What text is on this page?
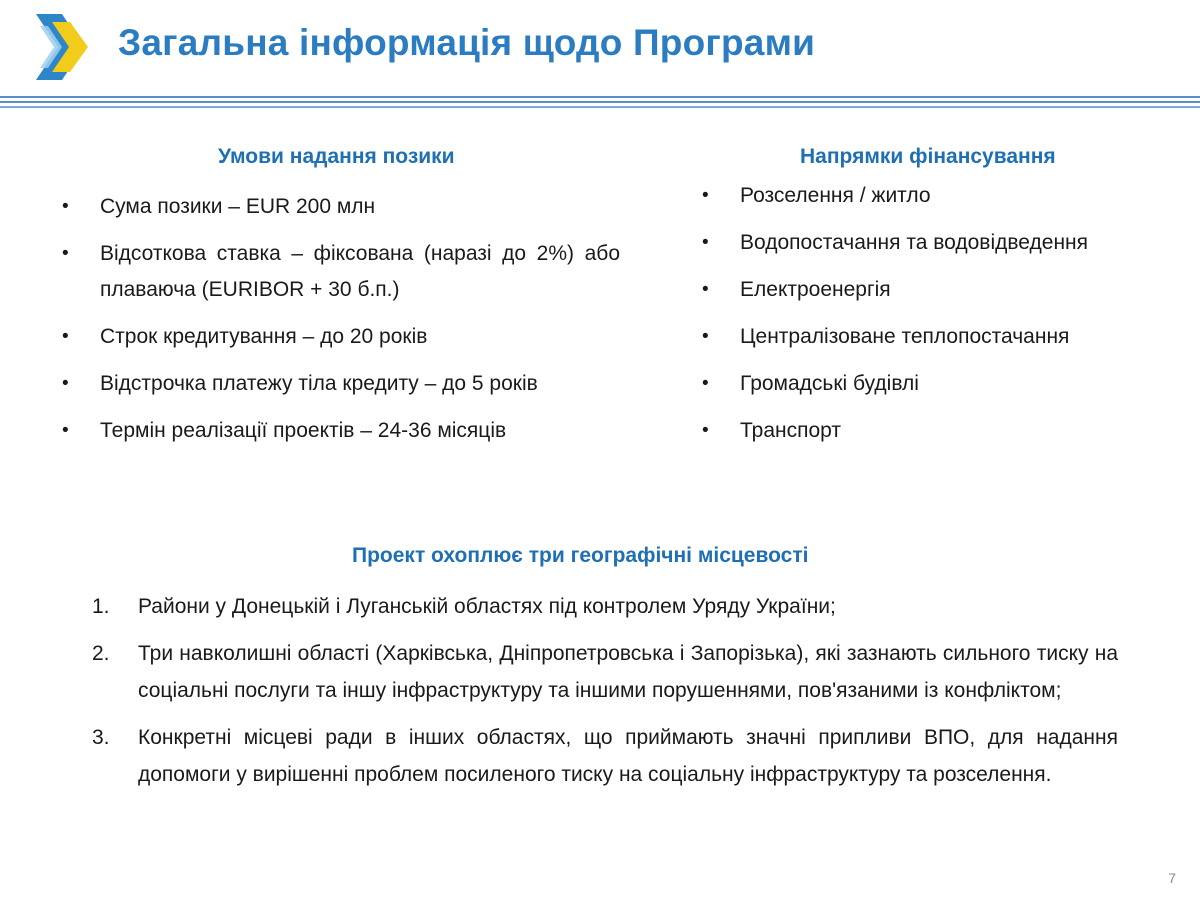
Загальна інформація щодо Програми
Умови надання позики
• Сума позики – EUR 200 млн
• Відсоткова ставка – фіксована (наразі до 2%) або плаваюча (EURIBOR + 30 б.п.)
• Строк кредитування – до 20 років
• Відстрочка платежу тіла кредиту – до 5 років
• Термін реалізації проектів – 24-36 місяців
Напрямки фінансування
• Розселення / житло
• Водопостачання та водовідведення
• Електроенергія
• Централізоване теплопостачання
• Громадські будівлі
• Транспорт
Проект охоплює три географічні місцевості
1. Райони у Донецькій і Луганській областях під контролем Уряду України;
2. Три навколишні області (Харківська, Дніпропетровська і Запорізька), які зазнають сильного тиску на соціальні послуги та іншу інфраструктуру та іншими порушеннями, пов'язаними із конфліктом;
3. Конкретні місцеві ради в інших областях, що приймають значні припливи ВПО, для надання допомоги у вирішенні проблем посиленого тиску на соціальну інфраструктуру та розселення.
7
